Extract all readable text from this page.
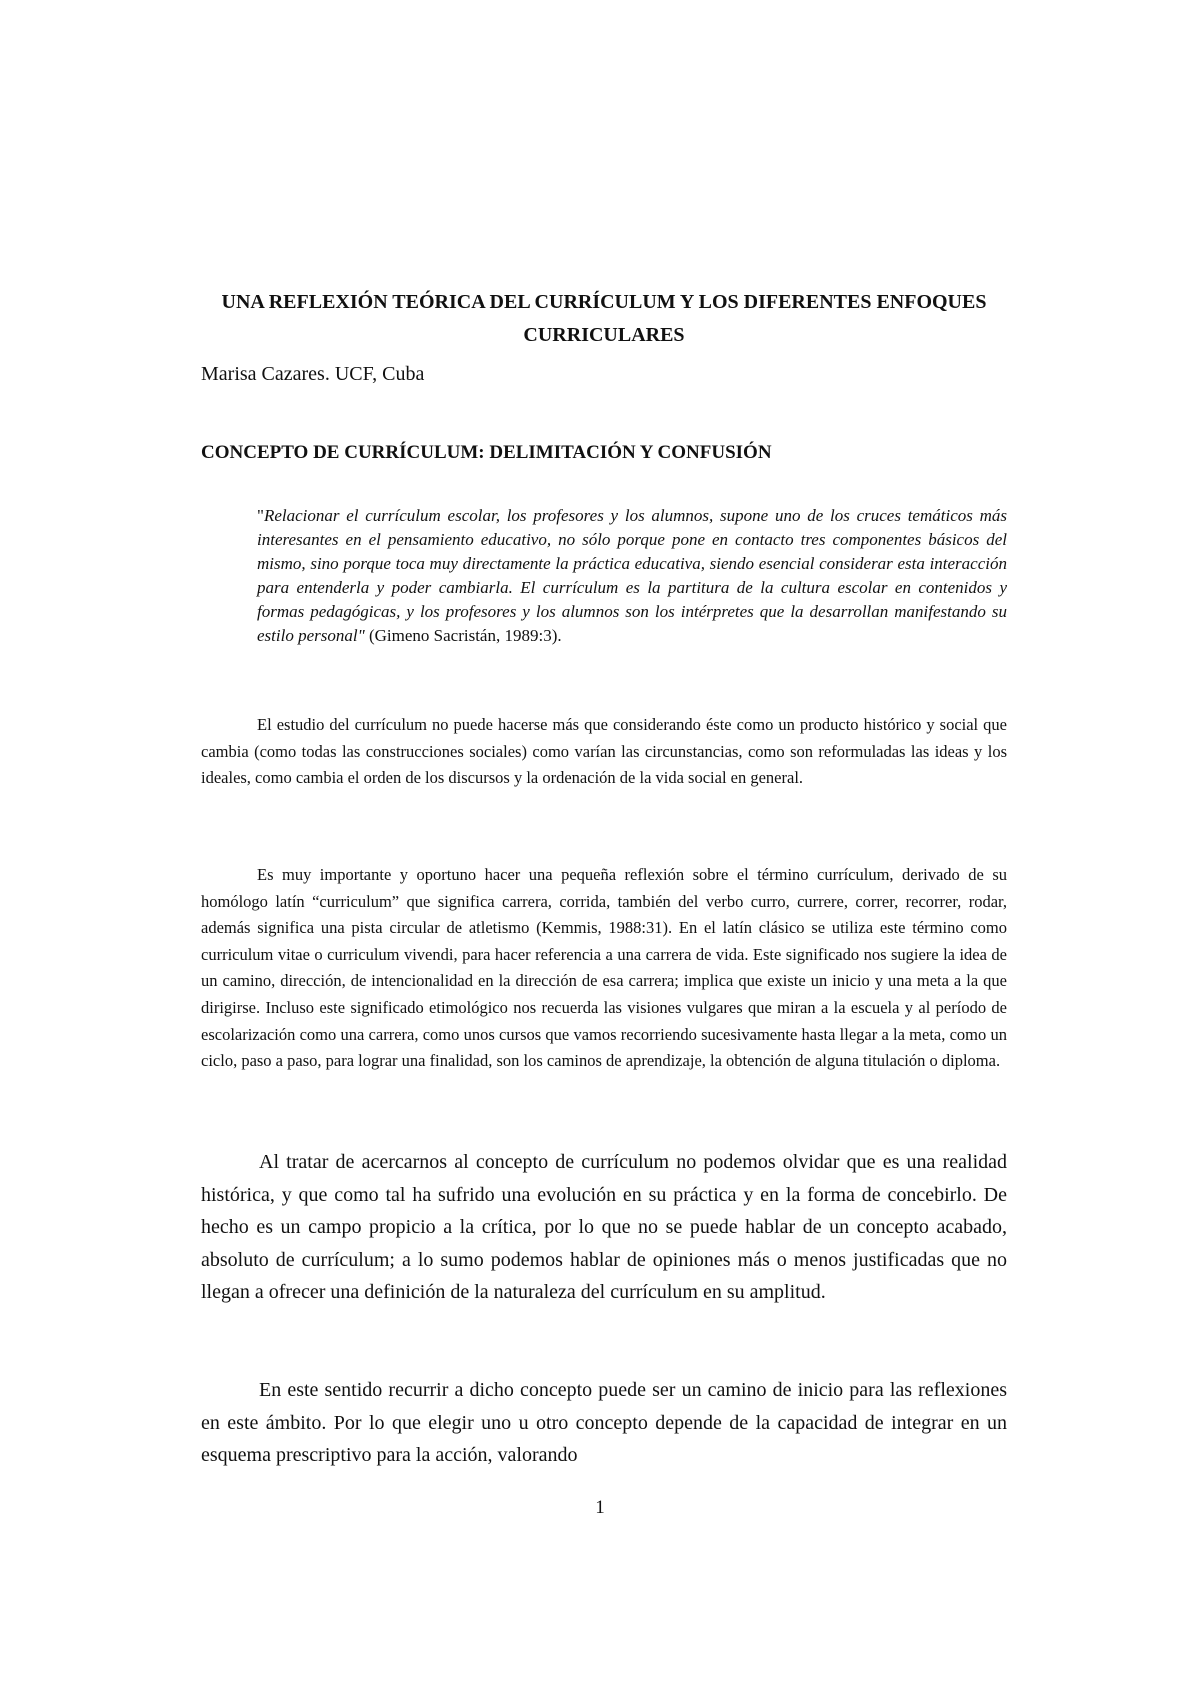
UNA REFLEXIÓN TEÓRICA DEL CURRÍCULUM Y LOS DIFERENTES ENFOQUES CURRICULARES

Marisa Cazares. UCF, Cuba

CONCEPTO DE CURRÍCULUM: DELIMITACIÓN Y CONFUSIÓN

"Relacionar el currículum escolar, los profesores y los alumnos, supone uno de los cruces temáticos más interesantes en el pensamiento educativo, no sólo porque pone en contacto tres componentes básicos del mismo, sino porque toca muy directamente la práctica educativa, siendo esencial considerar esta interacción para entenderla y poder cambiarla. El currículum es la partitura de la cultura escolar en contenidos y formas pedagógicas, y los profesores y los alumnos son los intérpretes que la desarrollan manifestando su estilo personal" (Gimeno Sacristán, 1989:3).

El estudio del currículum no puede hacerse más que considerando éste como un producto histórico y social que cambia (como todas las construcciones sociales) como varían las circunstancias, como son reformuladas las ideas y los ideales, como cambia el orden de los discursos y la ordenación de la vida social en general.

Es muy importante y oportuno hacer una pequeña reflexión sobre el término currículum, derivado de su homólogo latín “curriculum” que significa carrera, corrida, también del verbo curro, currere, correr, recorrer, rodar, además significa una pista circular de atletismo (Kemmis, 1988:31). En el latín clásico se utiliza este término como curriculum vitae o curriculum vivendi, para hacer referencia a una carrera de vida. Este significado nos sugiere la idea de un camino, dirección, de intencionalidad en la dirección de esa carrera; implica que existe un inicio y una meta a la que dirigirse. Incluso este significado etimológico nos recuerda las visiones vulgares que miran a la escuela y al período de escolarización como una carrera, como unos cursos que vamos recorriendo sucesivamente hasta llegar a la meta, como un ciclo, paso a paso, para lograr una finalidad, son los caminos de aprendizaje, la obtención de alguna titulación o diploma.

Al tratar de acercarnos al concepto de currículum no podemos olvidar que es una realidad histórica, y que como tal ha sufrido una evolución en su práctica y en la forma de concebirlo. De hecho es un campo propicio a la crítica, por lo que no se puede hablar de un concepto acabado, absoluto de currículum; a lo sumo podemos hablar de opiniones más o menos justificadas que no llegan a ofrecer una definición de la naturaleza del currículum en su amplitud.

En este sentido recurrir a dicho concepto puede ser un camino de inicio para las reflexiones en este ámbito. Por lo que elegir uno u otro concepto depende de la capacidad de integrar en un esquema prescriptivo para la acción, valorando

1
